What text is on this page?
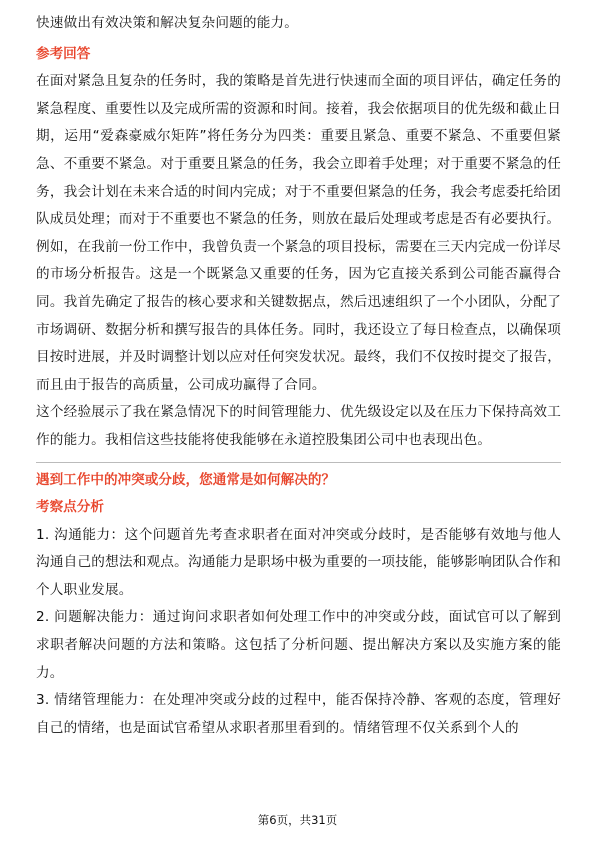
快速做出有效决策和解决复杂问题的能力。

参考回答

在面对紧急且复杂的任务时，我的策略是首先进行快速而全面的项目评估，确定任务的紧急程度、重要性以及完成所需的资源和时间。接着，我会依据项目的优先级和截止日期，运用“爱森豪威尔矩阵”将任务分为四类：重要且紧急、重要不紧急、不重要但紧急、不重要不紧急。对于重要且紧急的任务，我会立即着手处理；对于重要不紧急的任务，我会计划在未来合适的时间内完成；对于不重要但紧急的任务，我会考虑委托给团队成员处理；而对于不重要也不紧急的任务，则放在最后处理或考虑是否有必要执行。

例如，在我前一份工作中，我曾负责一个紧急的项目投标，需要在三天内完成一份详尽的市场分析报告。这是一个既紧急又重要的任务，因为它直接关系到公司能否赢得合同。我首先确定了报告的核心要求和关键数据点，然后迅速组织了一个小团队，分配了市场调研、数据分析和撰写报告的具体任务。同时，我还设立了每日检查点，以确保项目按时进展，并及时调整计划以应对任何突发状况。最终，我们不仅按时提交了报告，而且由于报告的高质量，公司成功赢得了合同。

这个经验展示了我在紧急情况下的时间管理能力、优先级设定以及在压力下保持高效工作的能力。我相信这些技能将使我能够在永道控股集团公司中也表现出色。

遇到工作中的冲突或分歧，您通常是如何解决的？

考察点分析

1. 沟通能力：这个问题首先考查求职者在面对冲突或分歧时，是否能够有效地与他人沟通自己的想法和观点。沟通能力是职场中极为重要的一项技能，能够影响团队合作和个人职业发展。

2. 问题解决能力：通过询问求职者如何处理工作中的冲突或分歧，面试官可以了解到求职者解决问题的方法和策略。这包括了分析问题、提出解决方案以及实施方案的能力。

3. 情绪管理能力：在处理冲突或分歧的过程中，能否保持冷静、客观的态度，管理好自己的情绪，也是面试官希望从求职者那里看到的。情绪管理不仅关系到个人的

第6页，共31页
